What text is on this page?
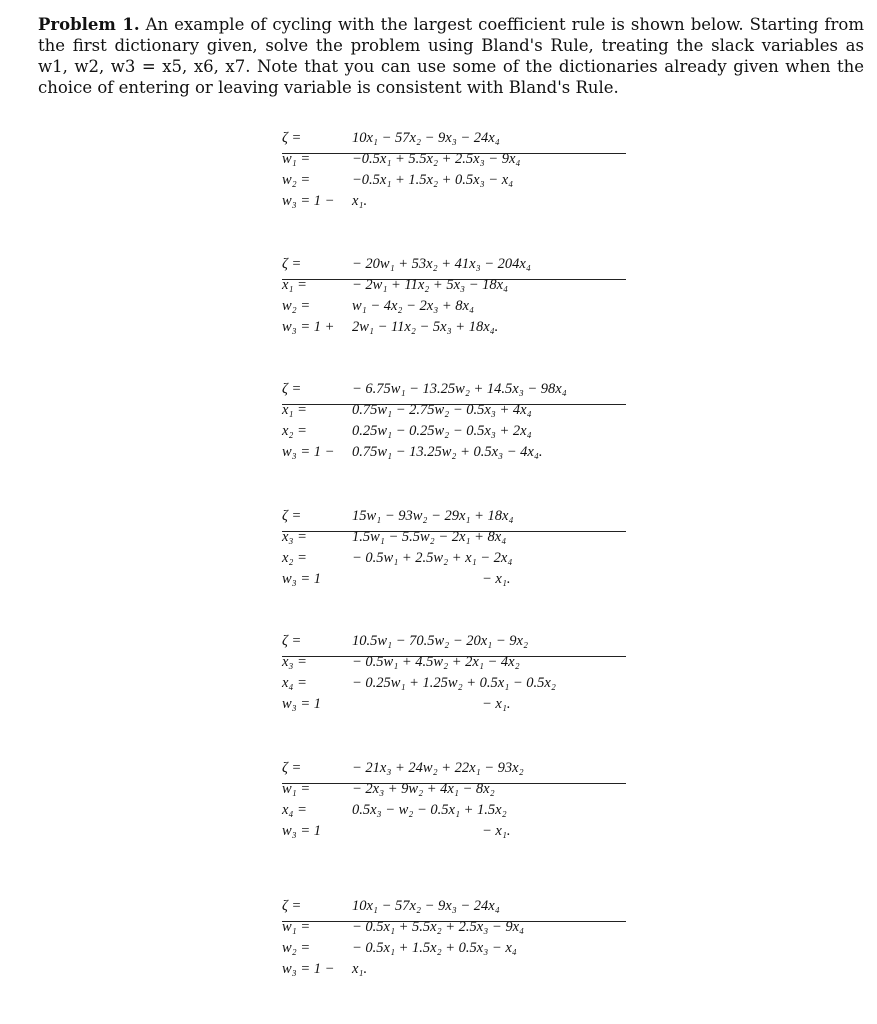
Problem 1. An example of cycling with the largest coefficient rule is shown below. Starting from the first dictionary given, solve the problem using Bland's Rule, treating the slack variables as w1, w2, w3 = x5, x6, x7. Note that you can use some of the dictionaries already given when the choice of entering or leaving variable is consistent with Bland's Rule.

ζ =	10x₁ − 57x₂ − 9x₃ − 24x₄
w₁ =	−0.5x₁ + 5.5x₂ + 2.5x₃ − 9x₄
w₂ =	−0.5x₁ + 1.5x₂ + 0.5x₃ − x₄
w₃ = 1 −	x₁.
ζ =	− 20w₁ + 53x₂ + 41x₃ − 204x₄
x₁ =	− 2w₁ + 11x₂ + 5x₃ − 18x₄
w₂ =	w₁ − 4x₂ − 2x₃ + 8x₄
w₃ = 1 +	2w₁ − 11x₂ − 5x₃ + 18x₄.
ζ =	− 6.75w₁ − 13.25w₂ + 14.5x₃ − 98x₄
x₁ =	0.75w₁ − 2.75w₂ − 0.5x₃ + 4x₄
x₂ =	0.25w₁ − 0.25w₂ − 0.5x₃ + 2x₄
w₃ = 1 −	0.75w₁ − 13.25w₂ + 0.5x₃ − 4x₄.
ζ =	15w₁ − 93w₂ − 29x₁ + 18x₄
x₃ =	1.5w₁ − 5.5w₂ − 2x₁ + 8x₄
x₂ =	− 0.5w₁ + 2.5w₂ + x₁ − 2x₄
w₃ = 1	− x₁.
ζ =	10.5w₁ − 70.5w₂ − 20x₁ − 9x₂
x₃ =	− 0.5w₁ + 4.5w₂ + 2x₁ − 4x₂
x₄ =	− 0.25w₁ + 1.25w₂ + 0.5x₁ − 0.5x₂
w₃ = 1	− x₁.
ζ =	− 21x₃ + 24w₂ + 22x₁ − 93x₂
w₁ =	− 2x₃ + 9w₂ + 4x₁ − 8x₂
x₄ =	0.5x₃ − w₂ − 0.5x₁ + 1.5x₂
w₃ = 1	− x₁.
ζ =	10x₁ − 57x₂ − 9x₃ − 24x₄
w₁ =	− 0.5x₁ + 5.5x₂ + 2.5x₃ − 9x₄
w₂ =	− 0.5x₁ + 1.5x₂ + 0.5x₃ − x₄
w₃ = 1 −	x₁.
